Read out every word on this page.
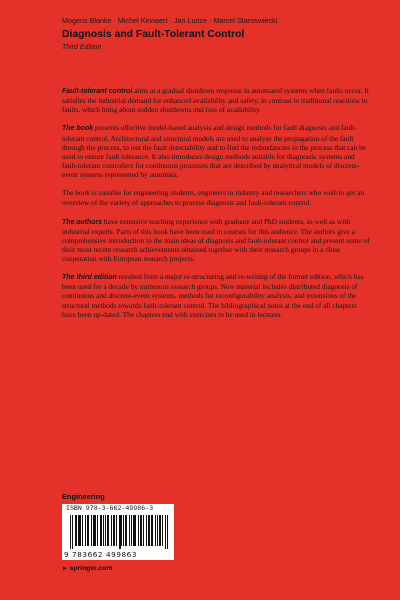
Mogens Blanke · Michel Kinnaert · Jan Lunze · Marcel Staroswiecki
Diagnosis and Fault-Tolerant Control
Third Edition

Fault-tolerant control aims at a gradual shutdown response in automated systems when faults occur. It satisfies the industrial demand for enhanced availability and safety, in contrast to traditional reactions to faults, which bring about sudden shutdowns and loss of availability.

The book presents effective model-based analysis and design methods for fault diagnosis and fault-tolerant control. Architectural and structural models are used to analyse the propagation of the fault through the process, to test the fault detectability and to find the redundancies in the process that can be used to ensure fault tolerance. It also introduces design methods suitable for diagnostic systems and fault-tolerant controllers for continuous processes that are described by analytical models of discrete-event systems represented by automata.

The book is suitable for engineering students, engineers in industry and researchers who wish to get an overview of the variety of approaches to process diagnosis and fault-tolerant control.

The authors have extensive teaching experience with graduate and PhD students, as well as with industrial experts. Parts of this book have been used in courses for this audience. The authors give a comprehensive introduction to the main ideas of diagnosis and fault-tolerant control and present some of their most recent research achievements obtained together with their research groups in a close cooperation with European research projects.

The third edition resulted from a major re-structuring and re-writing of the former edition, which has been used for a decade by numerous research groups. New material includes distributed diagnosis of continuous and discrete-event systems, methods for reconfigurability analysis, and extensions of the structural methods towards fault-tolerant control. The bibliographical notes at the end of all chapters have been up-dated. The chapters end with exercises to be used in lectures.

Engineering
ISBN 978-3-662-49986-3
9 783662 499863
► springer.com
